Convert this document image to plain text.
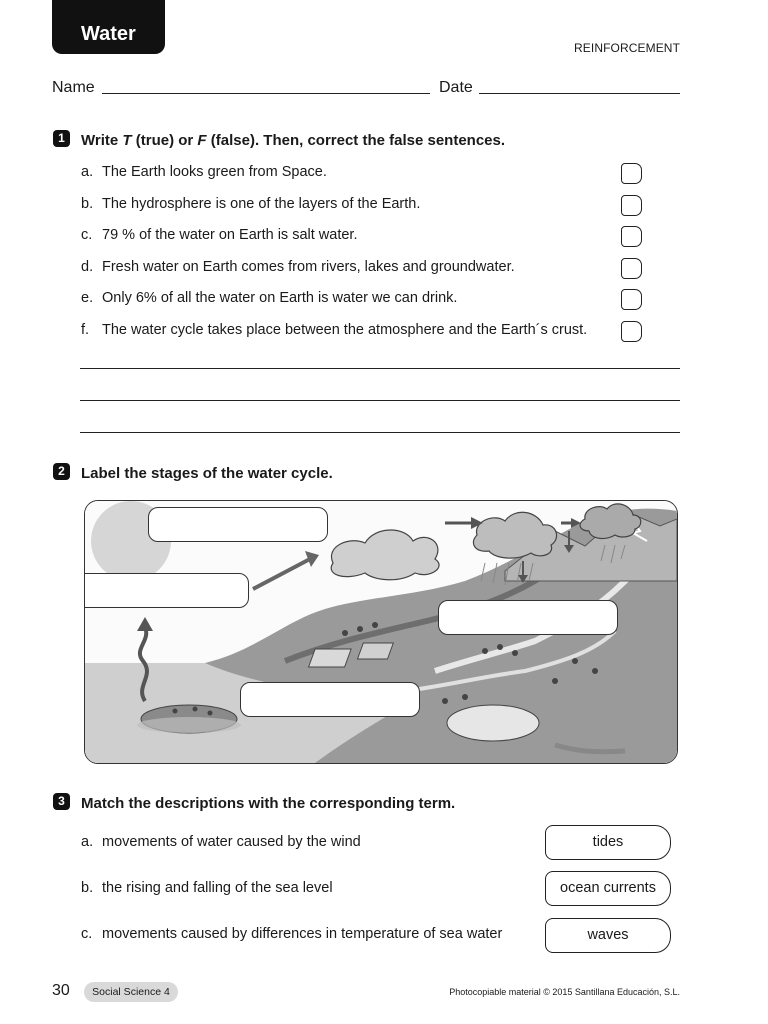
Water
REINFORCEMENT
Name	Date
1	Write T (true) or F (false). Then, correct the false sentences.
a. The Earth looks green from Space.
b. The hydrosphere is one of the layers of the Earth.
c. 79 % of the water on Earth is salt water.
d. Fresh water on Earth comes from rivers, lakes and groundwater.
e. Only 6% of all the water on Earth is water we can drink.
f. The water cycle takes place between the atmosphere and the Earth´s crust.
2	Label the stages of the water cycle.
3	Match the descriptions with the corresponding term.
a. movements of water caused by the wind
b. the rising and falling of the sea level
c. movements caused by differences in temperature of sea water
tides
ocean currents
waves
30	Social Science 4	Photocopiable material © 2015 Santillana Educación, S.L.
